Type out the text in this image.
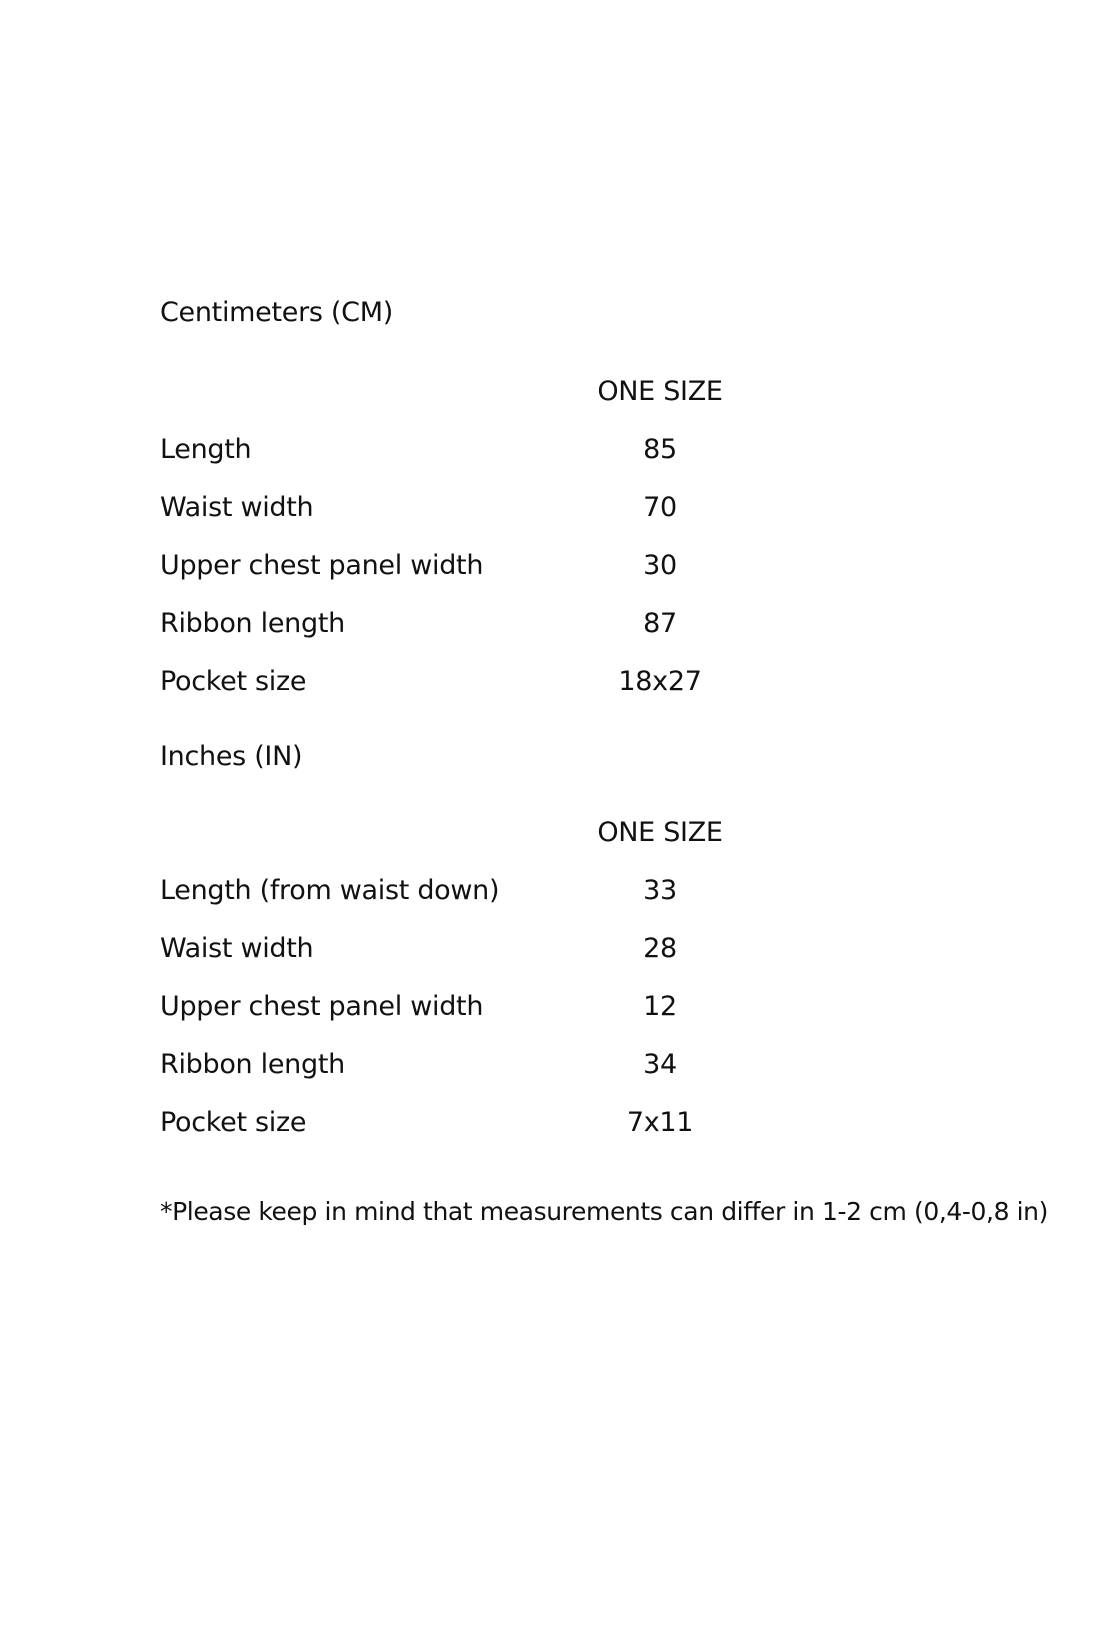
Centimeters (CM)
ONE SIZE
Length	85
Waist width	70
Upper chest panel width	30
Ribbon length	87
Pocket size	18x27
Inches (IN)
ONE SIZE
Length (from waist down)	33
Waist width	28
Upper chest panel width	12
Ribbon length	34
Pocket size	7x11
*Please keep in mind that measurements can differ in 1-2 cm (0,4-0,8 in)
